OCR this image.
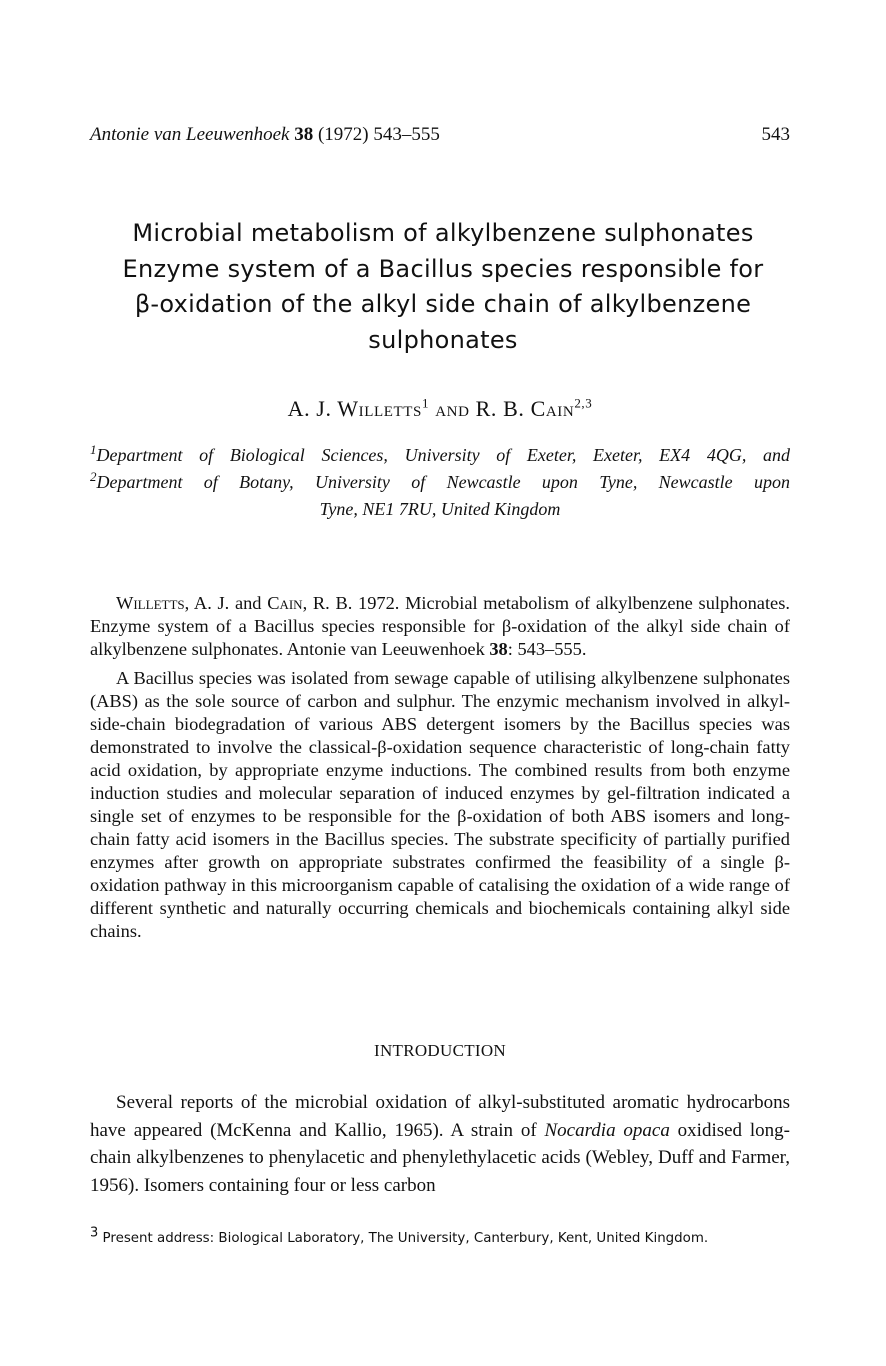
Antonie van Leeuwenhoek 38 (1972) 543–555	543
Microbial metabolism of alkylbenzene sulphonates
Enzyme system of a Bacillus species responsible for
β-oxidation of the alkyl side chain of alkylbenzene
sulphonates
A. J. Willetts$^1$ and R. B. Cain$^{2,3}$
$^1$Department of Biological Sciences, University of Exeter, Exeter, EX4 4QG, and
$^2$Department of Botany, University of Newcastle upon Tyne, Newcastle upon
Tyne, NE1 7RU, United Kingdom

Willetts, A. J. and Cain, R. B. 1972. Microbial metabolism of alkylbenzene sulphonates. Enzyme system of a Bacillus species responsible for β-oxidation of the alkyl side chain of alkylbenzene sulphonates. Antonie van Leeuwenhoek 38: 543–555.

A Bacillus species was isolated from sewage capable of utilising alkylbenzene sulphonates (ABS) as the sole source of carbon and sulphur. The enzymic mechanism involved in alkyl-side-chain biodegradation of various ABS detergent isomers by the Bacillus species was demonstrated to involve the classical-β-oxidation sequence characteristic of long-chain fatty acid oxidation, by appropriate enzyme inductions. The combined results from both enzyme induction studies and molecular separation of induced enzymes by gel-filtration indicated a single set of enzymes to be responsible for the β-oxidation of both ABS isomers and long-chain fatty acid isomers in the Bacillus species. The substrate specificity of partially purified enzymes after growth on appropriate substrates confirmed the feasibility of a single β-oxidation pathway in this microorganism capable of catalising the oxidation of a wide range of different synthetic and naturally occurring chemicals and biochemicals containing alkyl side chains.

INTRODUCTION

Several reports of the microbial oxidation of alkyl-substituted aromatic hydrocarbons have appeared (McKenna and Kallio, 1965). A strain of Nocardia opaca oxidised long-chain alkylbenzenes to phenylacetic and phenylethylacetic acids (Webley, Duff and Farmer, 1956). Isomers containing four or less carbon

3 Present address: Biological Laboratory, The University, Canterbury, Kent, United Kingdom.
